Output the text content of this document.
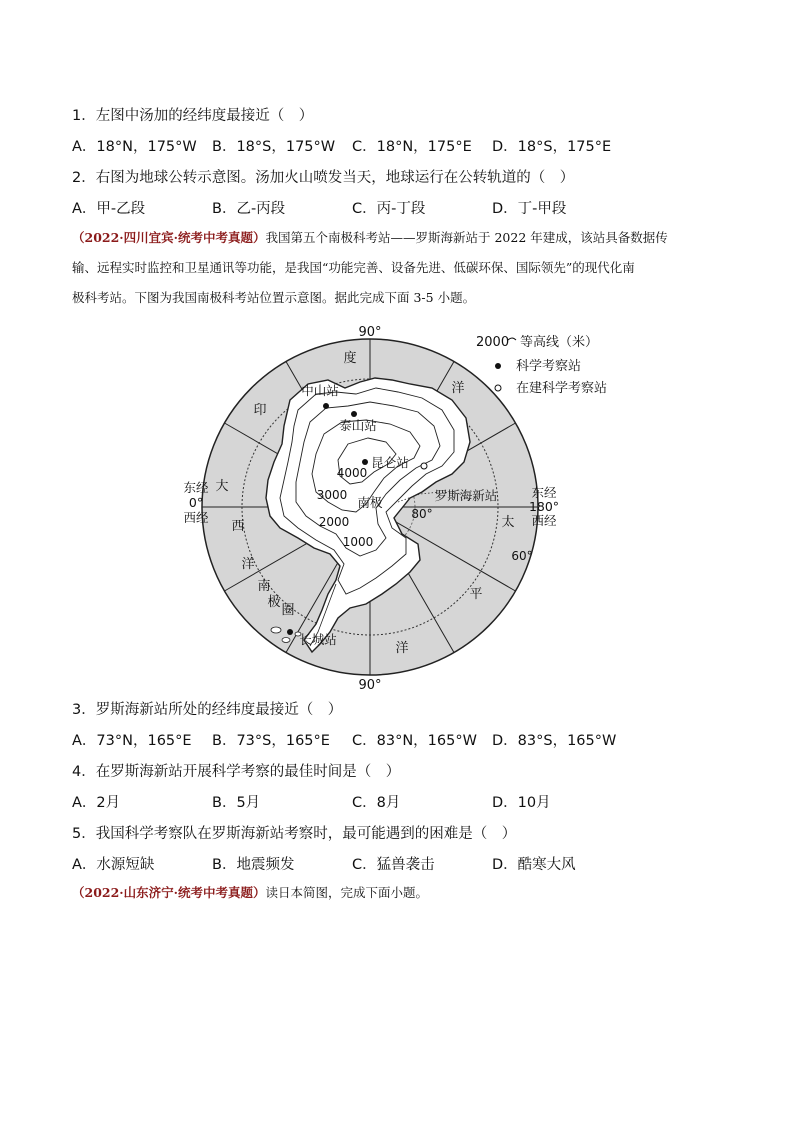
1．左图中汤加的经纬度最接近（　）
A．18°N，175°W B．18°S，175°W C．18°N，175°E D．18°S，175°E
2．右图为地球公转示意图。汤加火山喷发当天，地球运行在公转轨道的（　）
A．甲-乙段	B．乙-丙段	C．丙-丁段	D．丁-甲段
（2022·四川宜宾·统考中考真题）我国第五个南极科考站——罗斯海新站于 2022 年建成，该站具备数据传
输、远程实时监控和卫星通讯等功能，是我国“功能完善、设备先进、低碳环保、国际领先”的现代化南
极科考站。下图为我国南极科考站位置示意图。据此完成下面 3-5 小题。
90°
90°
东经
0°
西经
东经
180°
西经
度
印
大
西
洋
南
极
圈
洋
太
平
洋
80°
60°
4000
3000
2000
1000
中山站
泰山站
昆仑站
罗斯海新站
南极
长城站
2000 等高线（米）
科学考察站
在建科学考察站
3．罗斯海新站所处的经纬度最接近（　）
A．73°N，165°E B．73°S，165°E C．83°N，165°W D．83°S，165°W
4．在罗斯海新站开展科学考察的最佳时间是（　）
A．2月	B．5月	C．8月	D．10月
5．我国科学考察队在罗斯海新站考察时，最可能遇到的困难是（　）
A．水源短缺	B．地震频发	C．猛兽袭击	D．酷寒大风
（2022·山东济宁·统考中考真题）读日本简图，完成下面小题。
